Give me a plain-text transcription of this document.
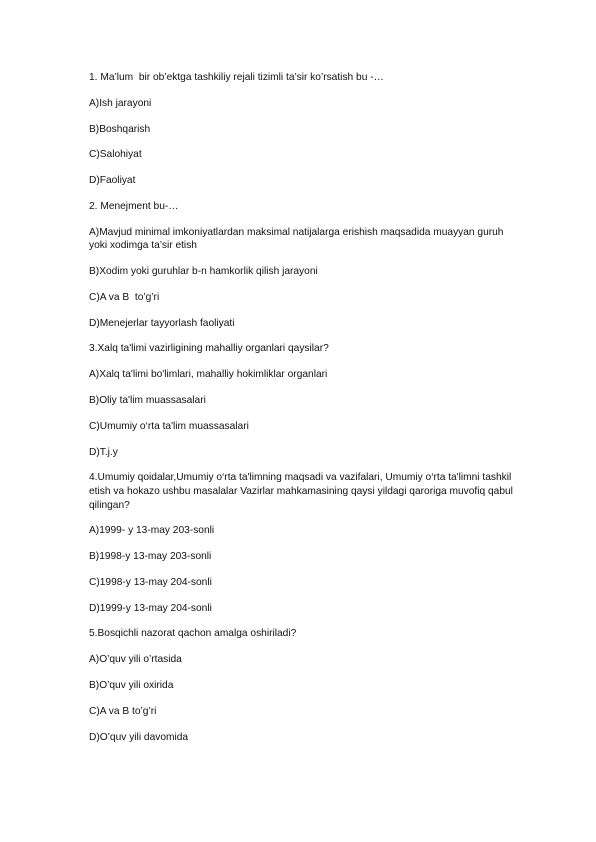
1. Ma’lum  bir ob’ektga tashkiliy rejali tizimli ta’sir ko’rsatish bu -…

A)Ish jarayoni

B)Boshqarish

C)Salohiyat

D)Faoliyat

2. Menejment bu-…

A)Mavjud minimal imkoniyatlardan maksimal natijalarga erishish maqsadida muayyan guruh yoki xodimga ta’sir etish

B)Xodim yoki guruhlar b-n hamkorlik qilish jarayoni

C)A va B  to’g’ri

D)Menejerlar tayyorlash faoliyati

3.Xalq ta'limi vazirligining mahalliy organlari qaysilar?

A)Xalq ta'limi bo'limlari, mahalliy hokimliklar organlari

B)Oliy ta'lim muassasalari

C)Umumiy o‘rta ta'lim muassasalari

D)T.j.y

4.Umumiy qoidalar,Umumiy o‘rta ta'limning maqsadi va vazifalari, Umumiy o‘rta ta'limni tashkil etish va hokazo ushbu masalalar Vazirlar mahkamasining qaysi yildagi qaroriga muvofiq qabul qilingan?

A)1999- y 13-may 203-sonli

B)1998-y 13-may 203-sonli

C)1998-y 13-may 204-sonli

D)1999-y 13-may 204-sonli

5.Bosqichli nazorat qachon amalga oshiriladi?

A)O’quv yili o’rtasida

B)O’quv yili oxirida

C)A va B to’g’ri

D)O’quv yili davomida
